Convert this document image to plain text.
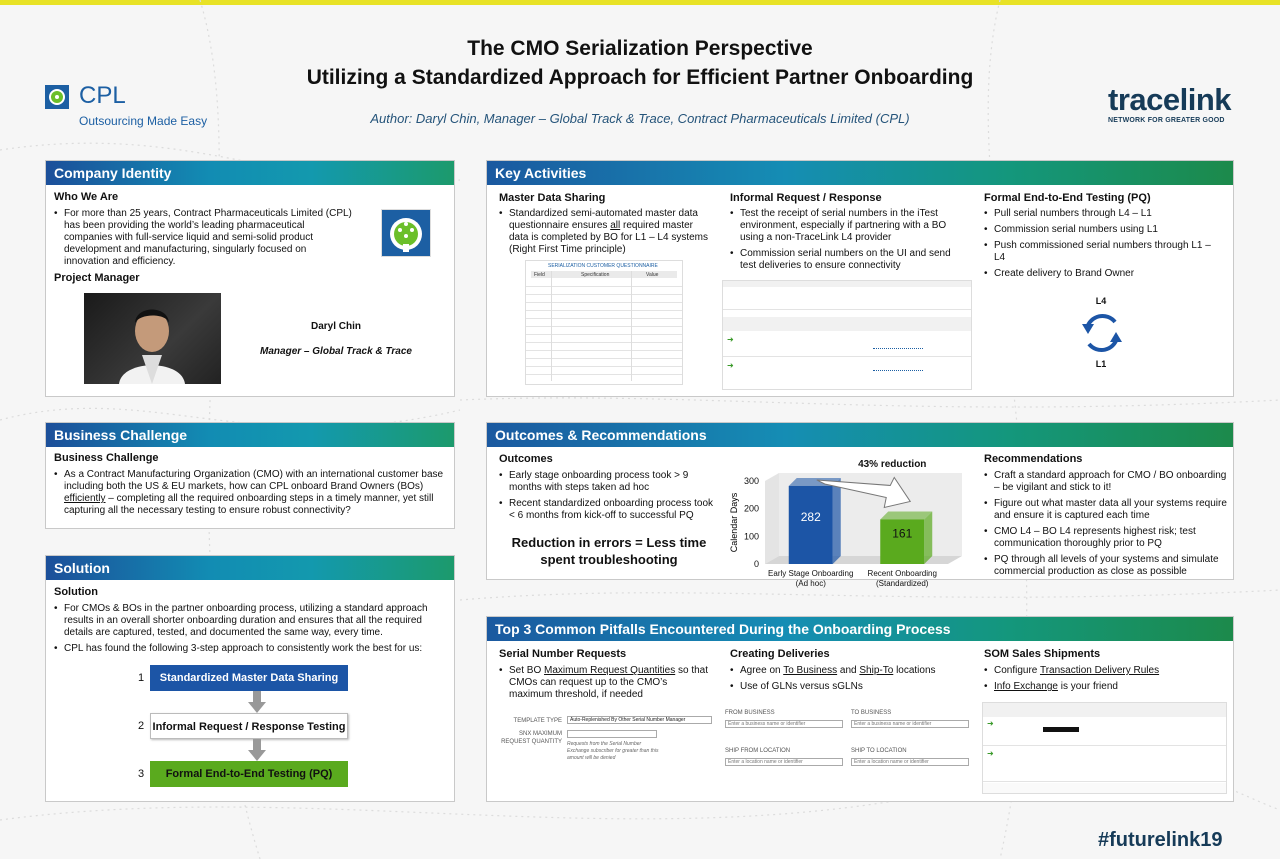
The CMO Serialization Perspective
Utilizing a Standardized Approach for Efficient Partner Onboarding
Author: Daryl Chin, Manager – Global Track & Trace, Contract Pharmaceuticals Limited (CPL)
CPL
Outsourcing Made Easy
tracelink
NETWORK FOR GREATER GOOD
Company Identity
Who We Are
• For more than 25 years, Contract Pharmaceuticals Limited (CPL) has been providing the world’s leading pharmaceutical companies with full-service liquid and semi-solid product development and manufacturing, singularly focused on innovation and efficiency.
Project Manager
Daryl Chin
Manager – Global Track & Trace
Business Challenge
Business Challenge
• As a Contract Manufacturing Organization (CMO) with an international customer base including both the US & EU markets, how can CPL onboard Brand Owners (BOs) efficiently – completing all the required onboarding steps in a timely manner, yet still capturing all the necessary testing to ensure robust connectivity?
Solution
Solution
• For CMOs & BOs in the partner onboarding process, utilizing a standard approach results in an overall shorter onboarding duration and ensures that all the required details are captured, tested, and documented the same way, every time.
• CPL has found the following 3-step approach to consistently work the best for us:
1	Standardized Master Data Sharing
2 Informal Request / Response Testing
3	Formal End-to-End Testing (PQ)
Key Activities
Master Data Sharing
• Standardized semi-automated master data questionnaire ensures all required master data is completed by BO for L1 – L4 systems (Right First Time principle)
SERIALIZATION CUSTOMER QUESTIONNAIRE
Field	Specification	Value
Informal Request / Response
• Test the receipt of serial numbers in the iTest environment, especially if partnering with a BO using a non-TraceLink L4 provider
• Commission serial numbers on the UI and send test deliveries to ensure connectivity
➜
➜
Formal End-to-End Testing (PQ)
• Pull serial numbers through L4 – L1
• Commission serial numbers using L1
• Push commissioned serial numbers through L1 – L4
• Create delivery to Brand Owner
L4
L1
Outcomes & Recommendations
Outcomes
• Early stage onboarding process took > 9 months with steps taken ad hoc
• Recent standardized onboarding process took < 6 months from kick-off to successful PQ
Reduction in errors = Less time spent troubleshooting	0
100
200
300
Calendar Days	282
Early Stage Onboarding
(Ad hoc)
161
Recent Onboarding
(Standardized)
43% reduction	Recommendations
• Craft a standard approach for CMO / BO onboarding – be vigilant and stick to it!
• Figure out what master data all your systems require and ensure it is captured each time
• CMO L4 – BO L4 represents highest risk; test communication thoroughly prior to PQ
• PQ through all levels of your systems and simulate commercial production as close as possible
Top 3 Common Pitfalls Encountered During the Onboarding Process
Serial Number Requests
• Set BO Maximum Request Quantities so that CMOs can request up to the CMO’s maximum threshold, if needed
TEMPLATE TYPE	Auto-Replenished By Other Serial Number Manager
SNX MAXIMUM REQUEST QUANTITY Requests from the Serial Number Exchange subscriber for greater than this amount will be denied
Creating Deliveries
• Agree on To Business and Ship-To locations
• Use of GLNs versus sGLNs
FROM BUSINESS
Enter a business name or identifier
TO BUSINESS
Enter a business name or identifier
SHIP FROM LOCATION
Enter a location name or identifier
SHIP TO LOCATION
Enter a location name or identifier
SOM Sales Shipments
• Configure Transaction Delivery Rules
• Info Exchange is your friend
➜
➜
#futurelink19
